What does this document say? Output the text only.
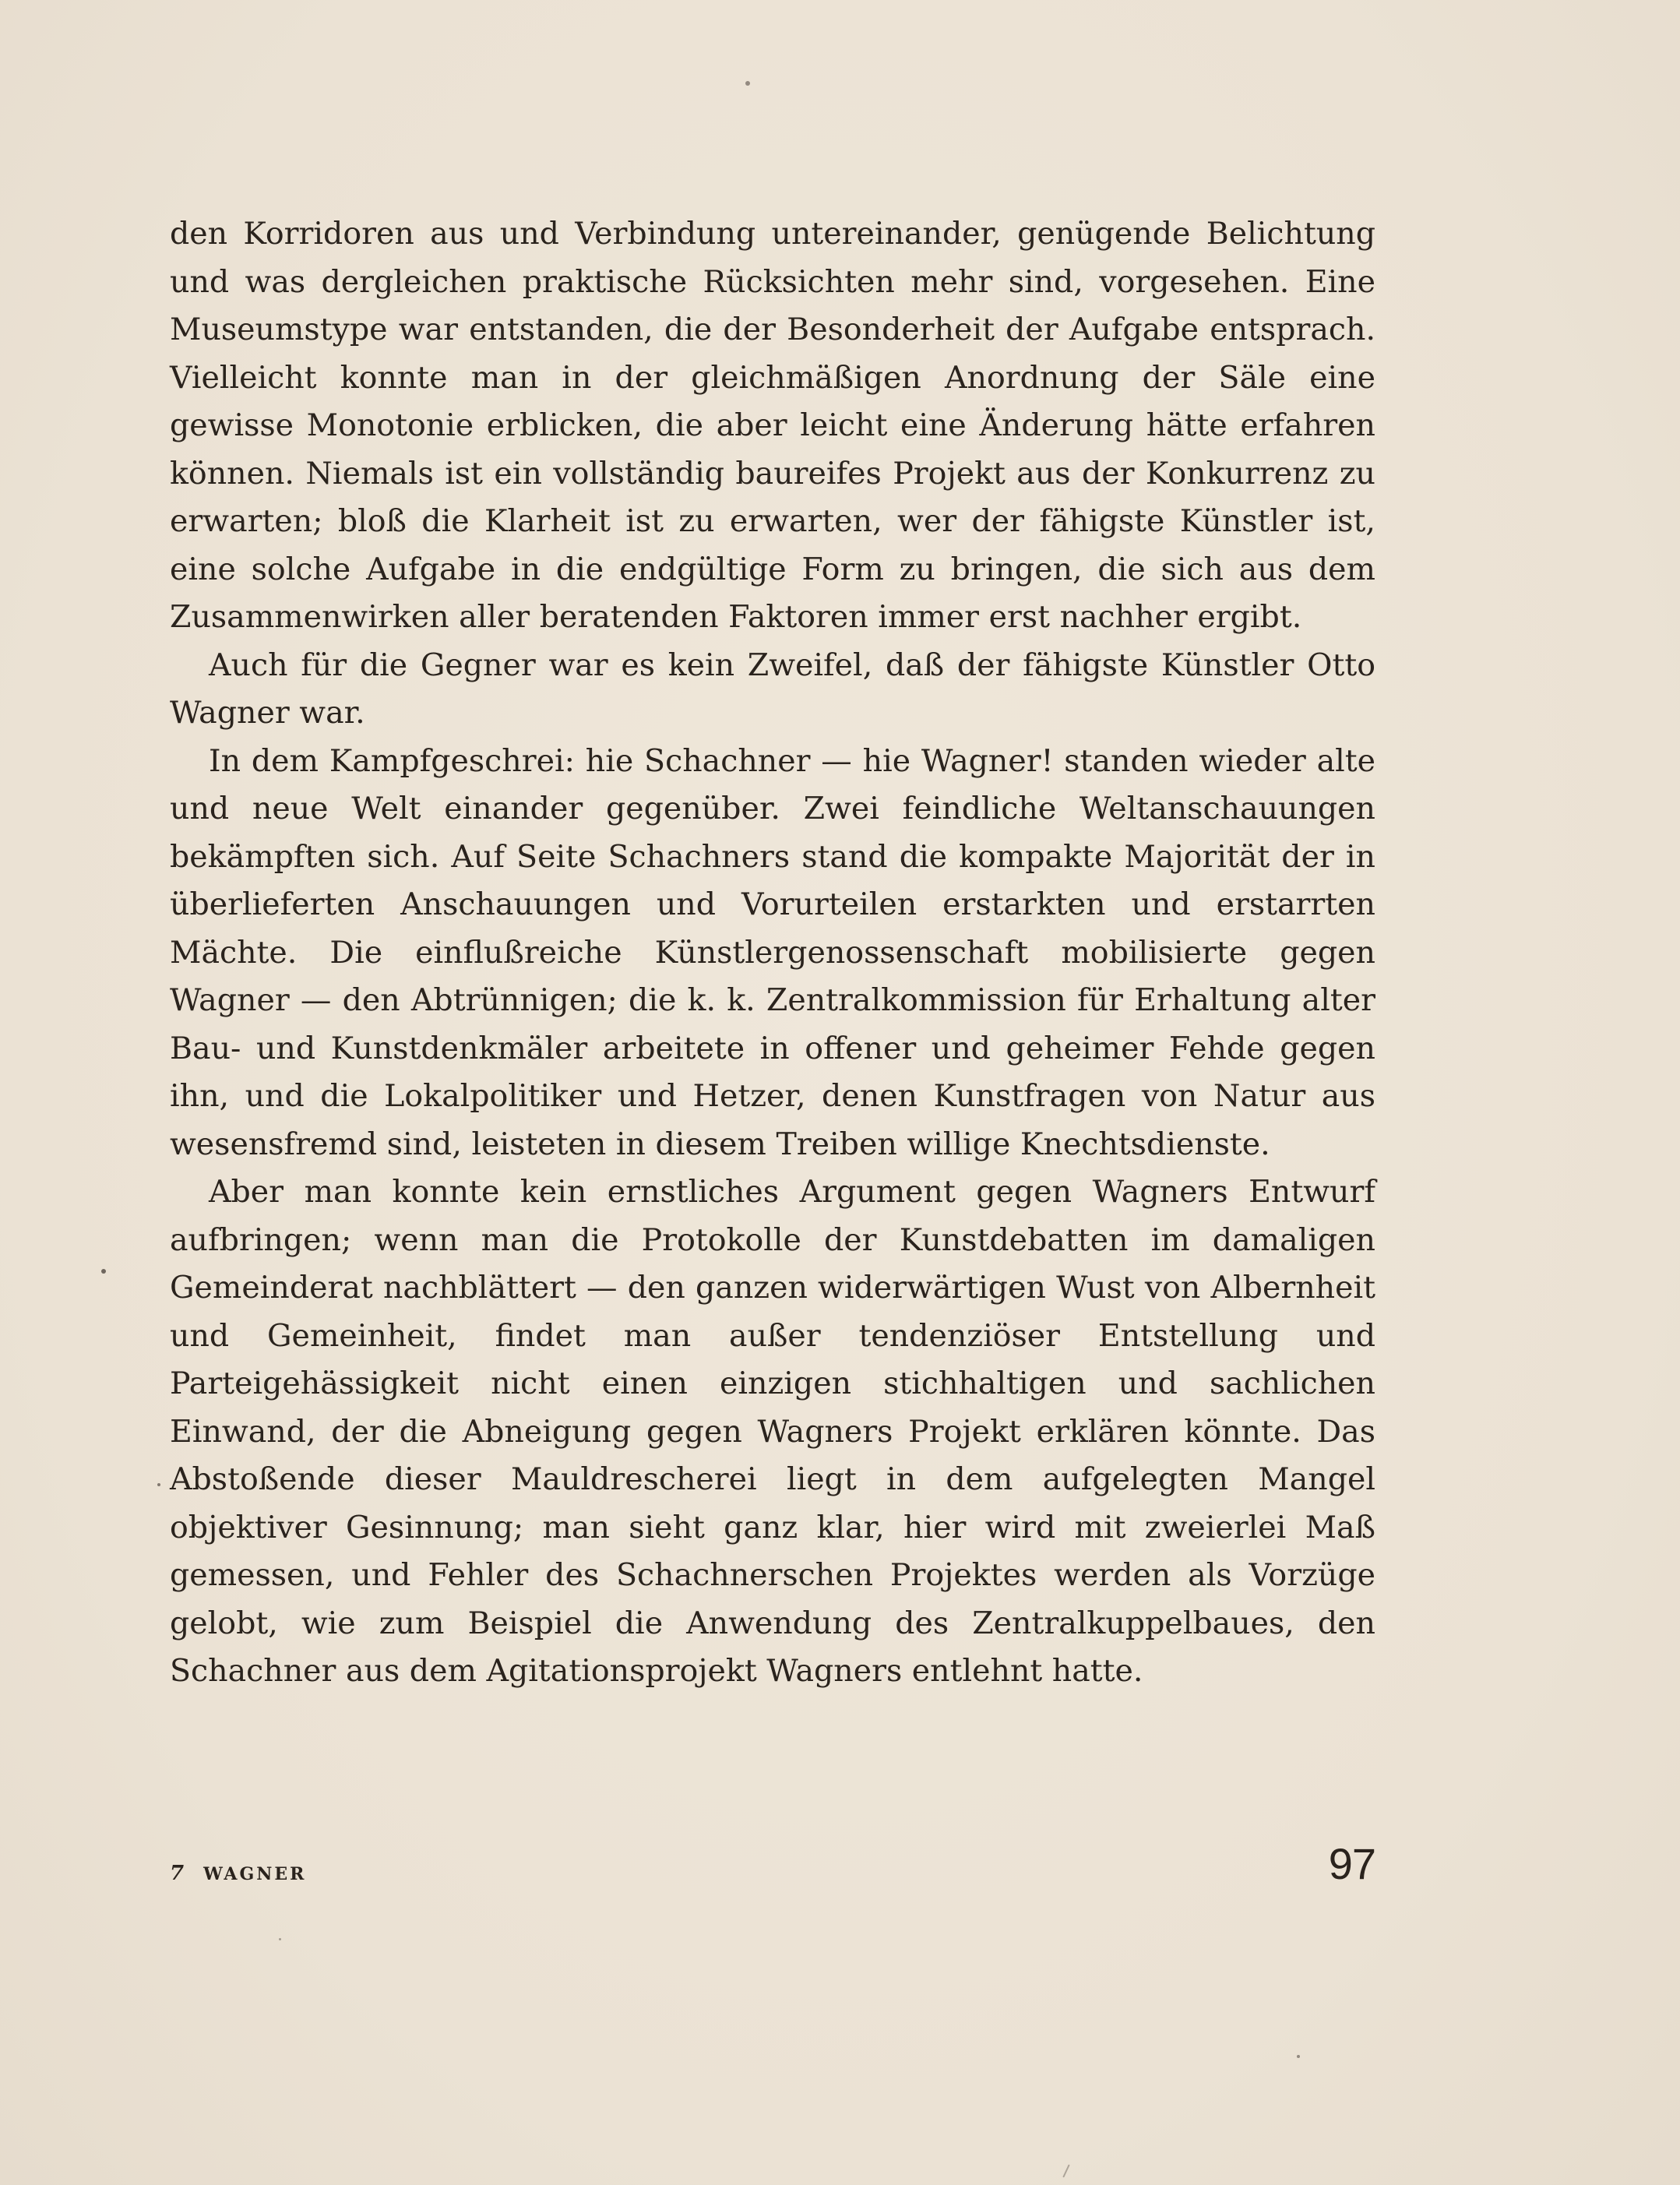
den Korridoren aus und Verbindung untereinander, genügende Belichtung und was dergleichen praktische Rücksichten mehr sind, vorgesehen. Eine Museumstype war entstanden, die der Besonderheit der Aufgabe entsprach. Vielleicht konnte man in der gleichmäßigen Anordnung der Säle eine gewisse Monotonie erblicken, die aber leicht eine Änderung hätte erfahren können. Niemals ist ein vollständig baureifes Projekt aus der Konkurrenz zu erwarten; bloß die Klarheit ist zu erwarten, wer der fähigste Künstler ist, eine solche Aufgabe in die endgültige Form zu bringen, die sich aus dem Zusammenwirken aller beratenden Faktoren immer erst nachher ergibt.

Auch für die Gegner war es kein Zweifel, daß der fähigste Künstler Otto Wagner war.

In dem Kampfgeschrei: hie Schachner — hie Wagner! standen wieder alte und neue Welt einander gegenüber. Zwei feindliche Weltanschauungen bekämpften sich. Auf Seite Schachners stand die kompakte Majorität der in überlieferten Anschauungen und Vorurteilen erstarkten und erstarrten Mächte. Die einflußreiche Künstlergenossenschaft mobilisierte gegen Wagner — den Abtrünnigen; die k. k. Zentralkommission für Erhaltung alter Bau- und Kunstdenkmäler arbeitete in offener und geheimer Fehde gegen ihn, und die Lokalpolitiker und Hetzer, denen Kunstfragen von Natur aus wesensfremd sind, leisteten in diesem Treiben willige Knechtsdienste.

Aber man konnte kein ernstliches Argument gegen Wagners Entwurf aufbringen; wenn man die Protokolle der Kunstdebatten im damaligen Gemeinderat nachblättert — den ganzen widerwärtigen Wust von Albernheit und Gemeinheit, findet man außer tendenziöser Entstellung und Parteigehässigkeit nicht einen einzigen stichhaltigen und sachlichen Einwand, der die Abneigung gegen Wagners Projekt erklären könnte. Das Abstoßende dieser Mauldrescherei liegt in dem aufgelegten Mangel objektiver Gesinnung; man sieht ganz klar, hier wird mit zweierlei Maß gemessen, und Fehler des Schachnerschen Projektes werden als Vorzüge gelobt, wie zum Beispiel die Anwendung des Zentralkuppelbaues, den Schachner aus dem Agitationsprojekt Wagners entlehnt hatte.

7 WAGNER	97
